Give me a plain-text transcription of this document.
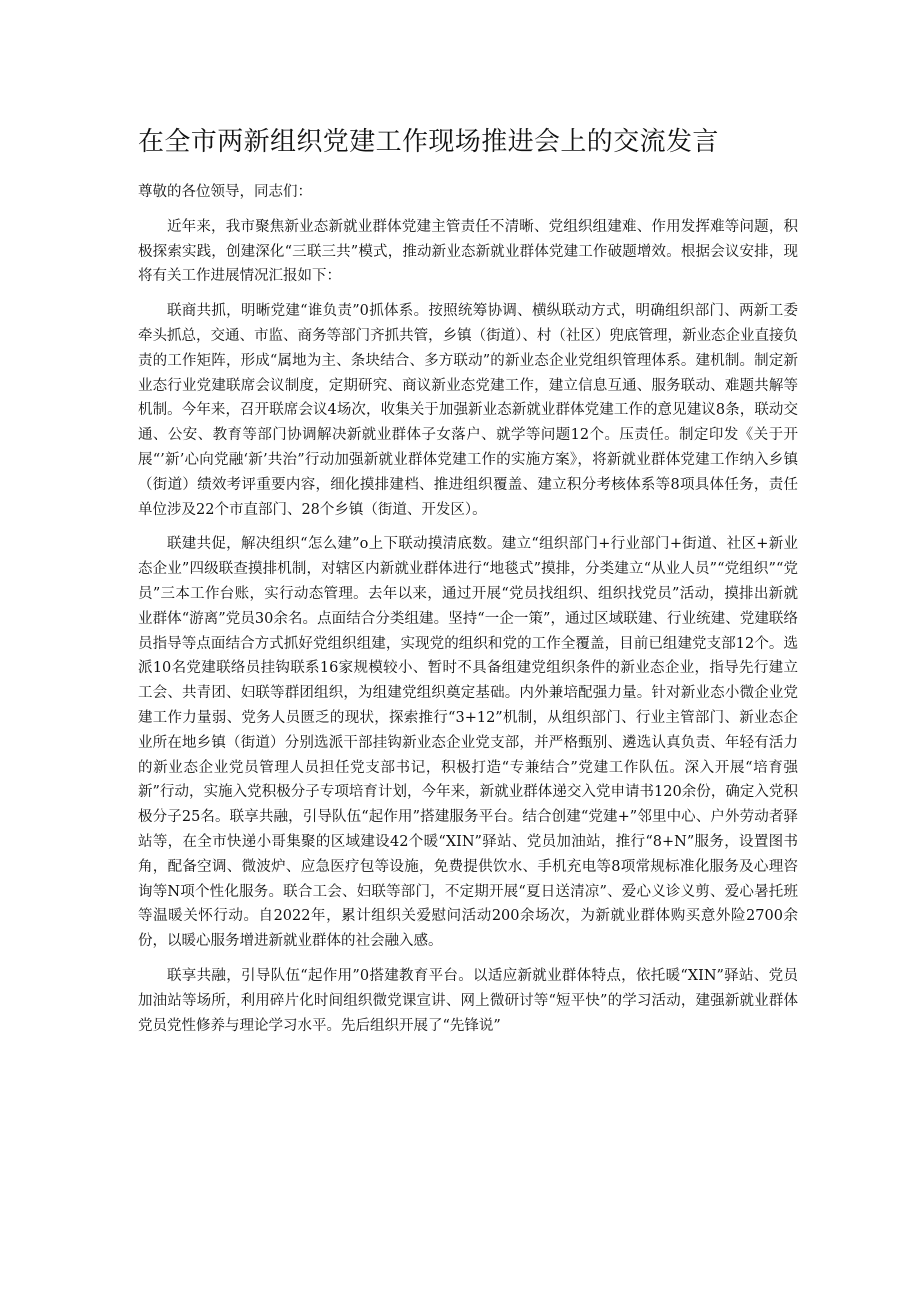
在全市两新组织党建工作现场推进会上的交流发言

尊敬的各位领导，同志们：

近年来，我市聚焦新业态新就业群体党建主管责任不清晰、党组织组建难、作用发挥难等问题，积极探索实践，创建深化“三联三共”模式，推动新业态新就业群体党建工作破题增效。根据会议安排，现将有关工作进展情况汇报如下：

联商共抓，明晰党建“谁负责”0抓体系。按照统筹协调、横纵联动方式，明确组织部门、两新工委牵头抓总，交通、市监、商务等部门齐抓共管，乡镇（街道）、村（社区）兜底管理，新业态企业直接负责的工作矩阵，形成“属地为主、条块结合、多方联动”的新业态企业党组织管理体系。建机制。制定新业态行业党建联席会议制度，定期研究、商议新业态党建工作，建立信息互通、服务联动、难题共解等机制。今年来，召开联席会议4场次，收集关于加强新业态新就业群体党建工作的意见建议8条，联动交通、公安、教育等部门协调解决新就业群体子女落户、就学等问题12个。压责任。制定印发《关于开展“’新’心向党融‘新’共治”行动加强新就业群体党建工作的实施方案》，将新就业群体党建工作纳入乡镇（街道）绩效考评重要内容，细化摸排建档、推进组织覆盖、建立积分考核体系等8项具体任务，责任单位涉及22个市直部门、28个乡镇（街道、开发区）。

联建共促，解决组织“怎么建”o上下联动摸清底数。建立“组织部门+行业部门+街道、社区+新业态企业”四级联查摸排机制，对辖区内新就业群体进行“地毯式”摸排，分类建立“从业人员”“党组织”“党员”三本工作台账，实行动态管理。去年以来，通过开展“党员找组织、组织找党员”活动，摸排出新就业群体“游离”党员30余名。点面结合分类组建。坚持“一企一策”，通过区域联建、行业统建、党建联络员指导等点面结合方式抓好党组织组建，实现党的组织和党的工作全覆盖，目前已组建党支部12个。选派10名党建联络员挂钩联系16家规模较小、暂时不具备组建党组织条件的新业态企业，指导先行建立工会、共青团、妇联等群团组织，为组建党组织奠定基础。内外兼培配强力量。针对新业态小微企业党建工作力量弱、党务人员匮乏的现状，探索推行“3+12”机制，从组织部门、行业主管部门、新业态企业所在地乡镇（街道）分别选派干部挂钩新业态企业党支部，并严格甄别、遴选认真负责、年轻有活力的新业态企业党员管理人员担任党支部书记，积极打造“专兼结合”党建工作队伍。深入开展“培育强新”行动，实施入党积极分子专项培育计划，今年来，新就业群体递交入党申请书120余份，确定入党积极分子25名。联享共融，引导队伍“起作用”搭建服务平台。结合创建“党建+”邻里中心、户外劳动者驿站等，在全市快递小哥集聚的区域建设42个暖“XIN”驿站、党员加油站，推行“8+N”服务，设置图书角，配备空调、微波炉、应急医疗包等设施，免费提供饮水、手机充电等8项常规标准化服务及心理咨询等N项个性化服务。联合工会、妇联等部门，不定期开展“夏日送清凉”、爱心义诊义剪、爱心暑托班等温暖关怀行动。自2022年，累计组织关爱慰问活动200余场次，为新就业群体购买意外险2700余份，以暖心服务增进新就业群体的社会融入感。

联享共融，引导队伍“起作用”0搭建教育平台。以适应新就业群体特点，依托暖“XIN”驿站、党员加油站等场所，利用碎片化时间组织微党课宣讲、网上微研讨等“短平快”的学习活动，建强新就业群体党员党性修养与理论学习水平。先后组织开展了“先锋说”
